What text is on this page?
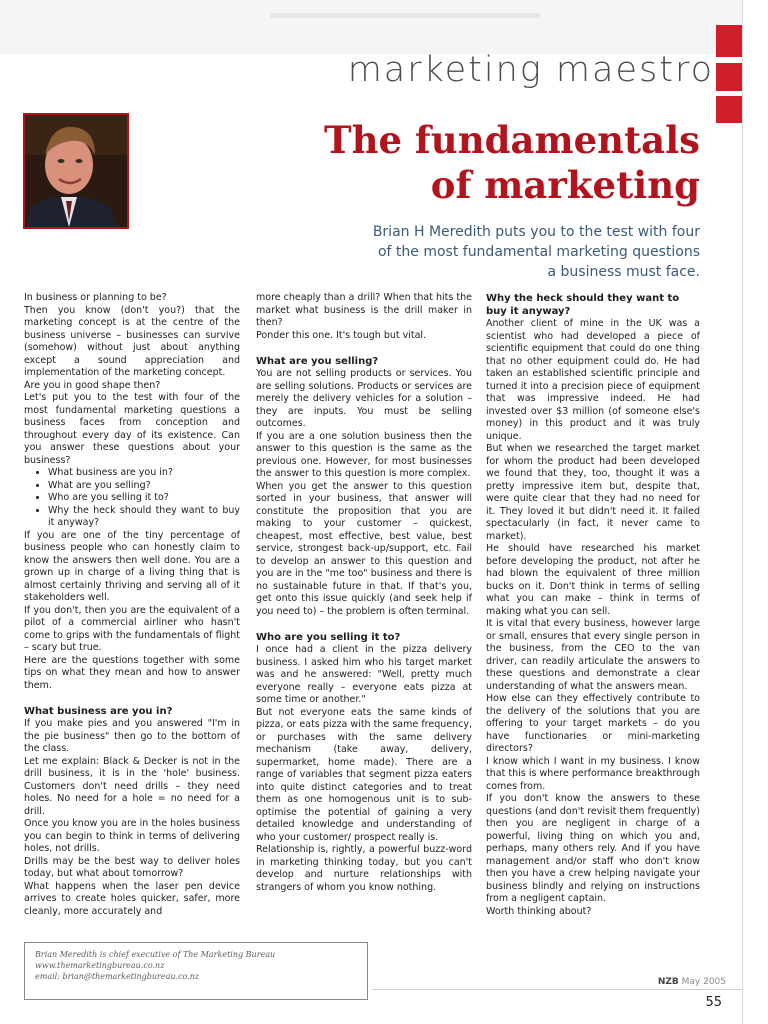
marketing maestro
The fundamentals
of marketing

Brian H Meredith puts you to the test with four
of the most fundamental marketing questions
a business must face.

In business or planning to be?

Then you know (don't you?) that the marketing concept is at the centre of the business universe – businesses can survive (somehow) without just about anything except a sound appreciation and implementation of the marketing concept.

Are you in good shape then?

Let's put you to the test with four of the most fundamental marketing questions a business faces from conception and throughout every day of its existence. Can you answer these questions about your business?

• What business are you in?
• What are you selling?
• Who are you selling it to?
• Why the heck should they want to buy it anyway?

If you are one of the tiny percentage of business people who can honestly claim to know the answers then well done. You are a grown up in charge of a living thing that is almost certainly thriving and serving all of it stakeholders well.

If you don't, then you are the equivalent of a pilot of a commercial airliner who hasn't come to grips with the fundamentals of flight – scary but true.

Here are the questions together with some tips on what they mean and how to answer them.

What business are you in?

If you make pies and you answered "I'm in the pie business" then go to the bottom of the class.

Let me explain: Black & Decker is not in the drill business, it is in the 'hole' business. Customers don't need drills – they need holes. No need for a hole = no need for a drill.

Once you know you are in the holes business you can begin to think in terms of delivering holes, not drills.

Drills may be the best way to deliver holes today, but what about tomorrow?

What happens when the laser pen device arrives to create holes quicker, safer, more cleanly, more accurately and

more cheaply than a drill? When that hits the market what business is the drill maker in then?

Ponder this one. It's tough but vital.

What are you selling?

You are not selling products or services. You are selling solutions. Products or services are merely the delivery vehicles for a solution – they are inputs. You must be selling outcomes.

If you are a one solution business then the answer to this question is the same as the previous one. However, for most businesses the answer to this question is more complex.

When you get the answer to this question sorted in your business, that answer will constitute the proposition that you are making to your customer – quickest, cheapest, most effective, best value, best service, strongest back-up/support, etc. Fail to develop an answer to this question and you are in the "me too" business and there is no sustainable future in that. If that's you, get onto this issue quickly (and seek help if you need to) – the problem is often terminal.

Who are you selling it to?

I once had a client in the pizza delivery business. I asked him who his target market was and he answered: "Well, pretty much everyone really – everyone eats pizza at some time or another."

But not everyone eats the same kinds of pizza, or eats pizza with the same frequency, or purchases with the same delivery mechanism (take away, delivery, supermarket, home made). There are a range of variables that segment pizza eaters into quite distinct categories and to treat them as one homogenous unit is to sub-optimise the potential of gaining a very detailed knowledge and understanding of who your customer/ prospect really is.

Relationship is, rightly, a powerful buzz-word in marketing thinking today, but you can't develop and nurture relationships with strangers of whom you know nothing.

Why the heck should they want to buy it anyway?

Another client of mine in the UK was a scientist who had developed a piece of scientific equipment that could do one thing that no other equipment could do. He had taken an established scientific principle and turned it into a precision piece of equipment that was impressive indeed. He had invested over $3 million (of someone else's money) in this product and it was truly unique.

But when we researched the target market for whom the product had been developed we found that they, too, thought it was a pretty impressive item but, despite that, were quite clear that they had no need for it. They loved it but didn't need it. It failed spectacularly (in fact, it never came to market).

He should have researched his market before developing the product, not after he had blown the equivalent of three million bucks on it. Don't think in terms of selling what you can make – think in terms of making what you can sell.

It is vital that every business, however large or small, ensures that every single person in the business, from the CEO to the van driver, can readily articulate the answers to these questions and demonstrate a clear understanding of what the answers mean.

How else can they effectively contribute to the delivery of the solutions that you are offering to your target markets – do you have functionaries or mini-marketing directors?

I know which I want in my business. I know that this is where performance breakthrough comes from.

If you don't know the answers to these questions (and don't revisit them frequently) then you are negligent in charge of a powerful, living thing on which you and, perhaps, many others rely. And if you have management and/or staff who don't know then you have a crew helping navigate your business blindly and relying on instructions from a negligent captain.

Worth thinking about?

Brian Meredith is chief executive of The Marketing Bureau
www.themarketingbureau.co.nz
email: brian@themarketingbureau.co.nz
NZB May 2005
55
